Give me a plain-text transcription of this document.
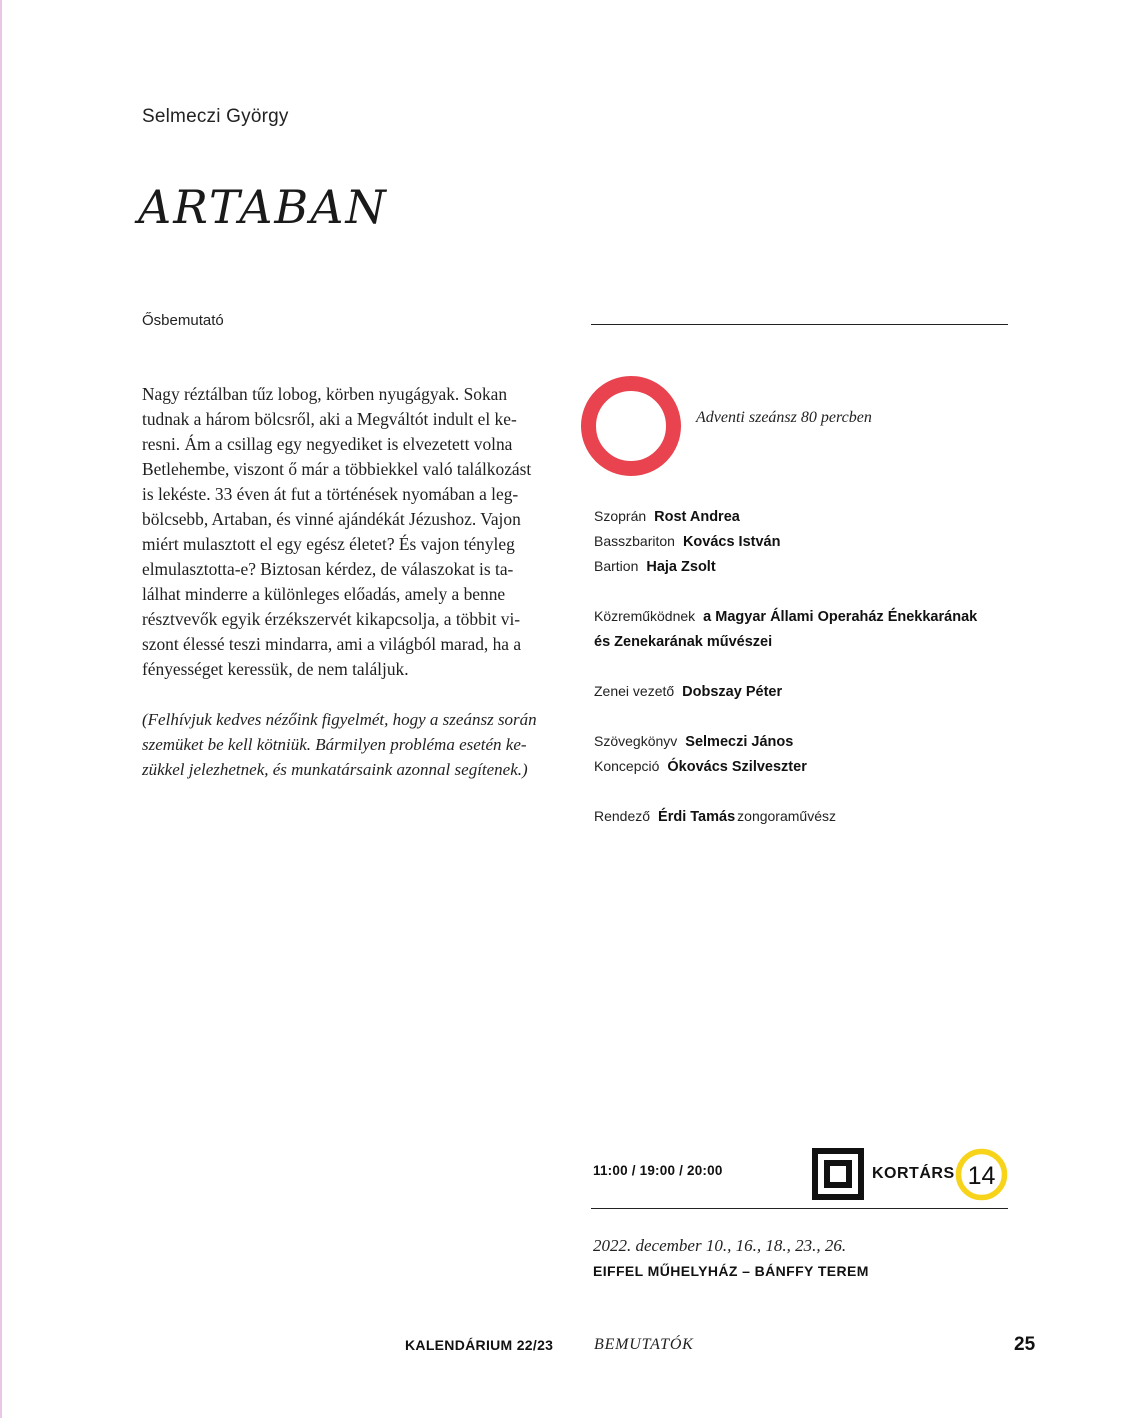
Selmeczi György
ARTABAN
Ősbemutató
Nagy réztálban tűz lobog, körben nyugágyak. Sokan
tudnak a három bölcsről, aki a Megváltót indult el ke-
resni. Ám a csillag egy negyediket is elvezetett volna
Betlehembe, viszont ő már a többiekkel való találkozást
is lekéste. 33 éven át fut a történések nyomában a leg-
bölcsebb, Artaban, és vinné ajándékát Jézushoz. Vajon
miért mulasztott el egy egész életet? És vajon tényleg
elmulasztotta-e? Biztosan kérdez, de válaszokat is ta-
lálhat minderre a különleges előadás, amely a benne
résztvevők egyik érzékszervét kikapcsolja, a többit vi-
szont élessé teszi mindarra, ami a világból marad, ha a
fényességet keressük, de nem találjuk.
(Felhívjuk kedves nézőink figyelmét, hogy a szeánsz során
szemüket be kell kötniük. Bármilyen probléma esetén ke-
zükkel jelezhetnek, és munkatársaink azonnal segítenek.)
Adventi szeánsz 80 percben
Szoprán Rost Andrea
Basszbariton Kovács István
Bartion Haja Zsolt
Közreműködnek a Magyar Állami Operaház Énekkarának
és Zenekarának művészei
Zenei vezető Dobszay Péter
Szövegkönyv Selmeczi János
Koncepció Ókovács Szilveszter
Rendező Érdi Tamás zongoraművész
11:00 / 19:00 / 20:00	KORTÁRS 14
2022. december 10., 16., 18., 23., 26.
EIFFEL MŰHELYHÁZ – BÁNFFY TEREM
KALENDÁRIUM 22/23	BEMUTATÓK	25
